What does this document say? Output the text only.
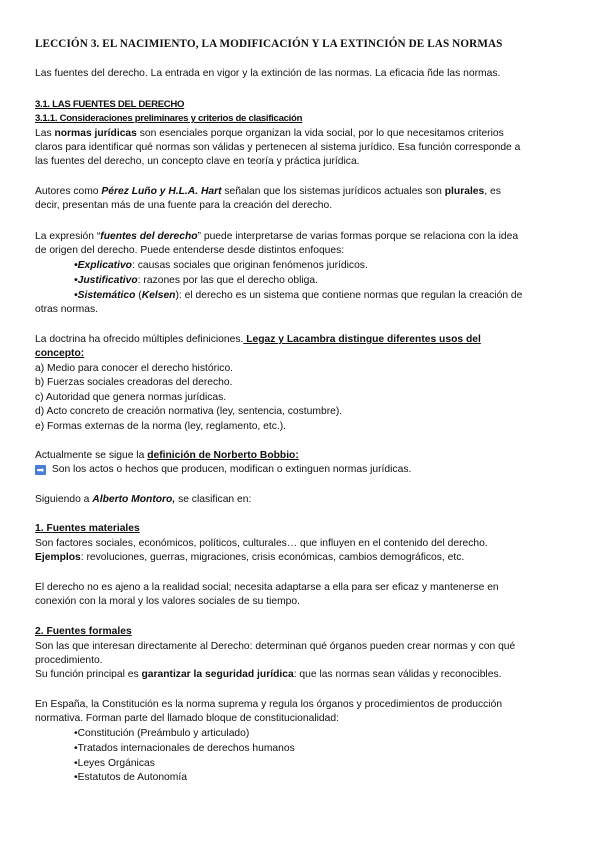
LECCIÓN 3. EL NACIMIENTO, LA MODIFICACIÓN Y LA EXTINCIÓN DE LAS NORMAS
Las fuentes del derecho. La entrada en vigor y la extinción de las normas. La eficacia ñde las normas.
3.1. LAS FUENTES DEL DERECHO
3.1.1. Consideraciones preliminares y criterios de clasificación
Las normas jurídicas son esenciales porque organizan la vida social, por lo que necesitamos criterios
claros para identificar qué normas son válidas y pertenecen al sistema jurídico. Esa función corresponde a
las fuentes del derecho, un concepto clave en teoría y práctica jurídica.
Autores como Pérez Luño y H.L.A. Hart señalan que los sistemas jurídicos actuales son plurales, es
decir, presentan más de una fuente para la creación del derecho.
La expresión “fuentes del derecho” puede interpretarse de varias formas porque se relaciona con la idea
de origen del derecho. Puede entenderse desde distintos enfoques:
•Explicativo: causas sociales que originan fenómenos jurídicos.
•Justificativo: razones por las que el derecho obliga.
•Sistemático (Kelsen): el derecho es un sistema que contiene normas que regulan la creación de
otras normas.
La doctrina ha ofrecido múltiples definiciones. Legaz y Lacambra distingue diferentes usos del
concepto:
a) Medio para conocer el derecho histórico.
b) Fuerzas sociales creadoras del derecho.
c) Autoridad que genera normas jurídicas.
d) Acto concreto de creación normativa (ley, sentencia, costumbre).
e) Formas externas de la norma (ley, reglamento, etc.).
Actualmente se sigue la definición de Norberto Bobbio:
➡ Son los actos o hechos que producen, modifican o extinguen normas jurídicas.
Siguiendo a Alberto Montoro, se clasifican en:
1. Fuentes materiales
Son factores sociales, económicos, políticos, culturales… que influyen en el contenido del derecho.
Ejemplos: revoluciones, guerras, migraciones, crisis económicas, cambios demográficos, etc.
El derecho no es ajeno a la realidad social; necesita adaptarse a ella para ser eficaz y mantenerse en
conexión con la moral y los valores sociales de su tiempo.
2. Fuentes formales
Son las que interesan directamente al Derecho: determinan qué órganos pueden crear normas y con qué
procedimiento.
Su función principal es garantizar la seguridad jurídica: que las normas sean válidas y reconocibles.
En España, la Constitución es la norma suprema y regula los órganos y procedimientos de producción
normativa. Forman parte del llamado bloque de constitucionalidad:
•Constitución (Preámbulo y articulado)
•Tratados internacionales de derechos humanos
•Leyes Orgánicas
•Estatutos de Autonomía
